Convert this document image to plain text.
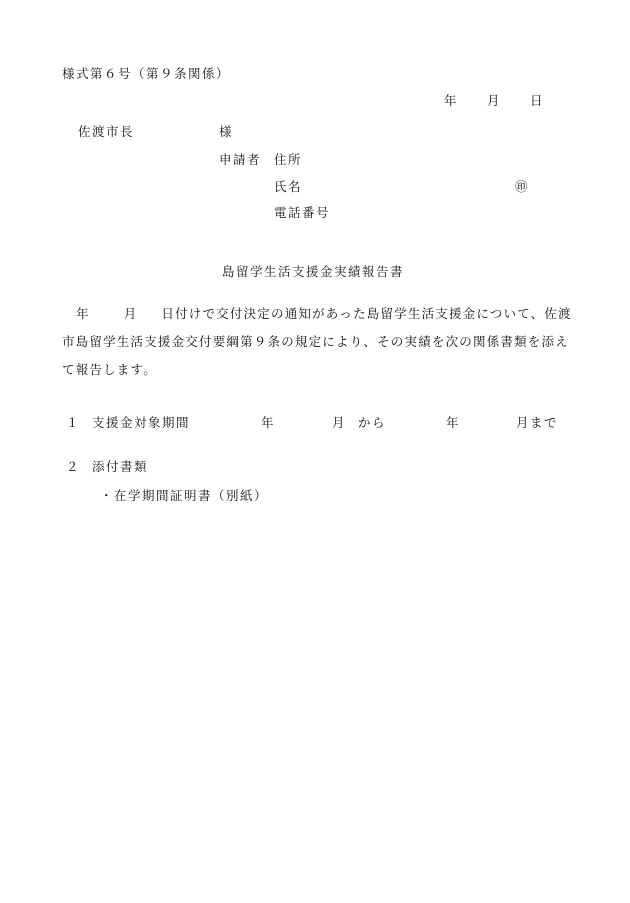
様式第６号（第９条関係）
年 月 日
佐渡市長	様
申請者 住所
氏名	㊞
電話番号
島留学生活支援金実績報告書
年	月 日付けで交付決定の通知があった島留学生活支援金について、佐渡市島留学生活支援金交付要綱第９条の規定により、その実績を次の関係書類を添えて報告します。
１ 支援金対象期間	年	月 から	年	月まで
２ 添付書類
・在学期間証明書（別紙）
